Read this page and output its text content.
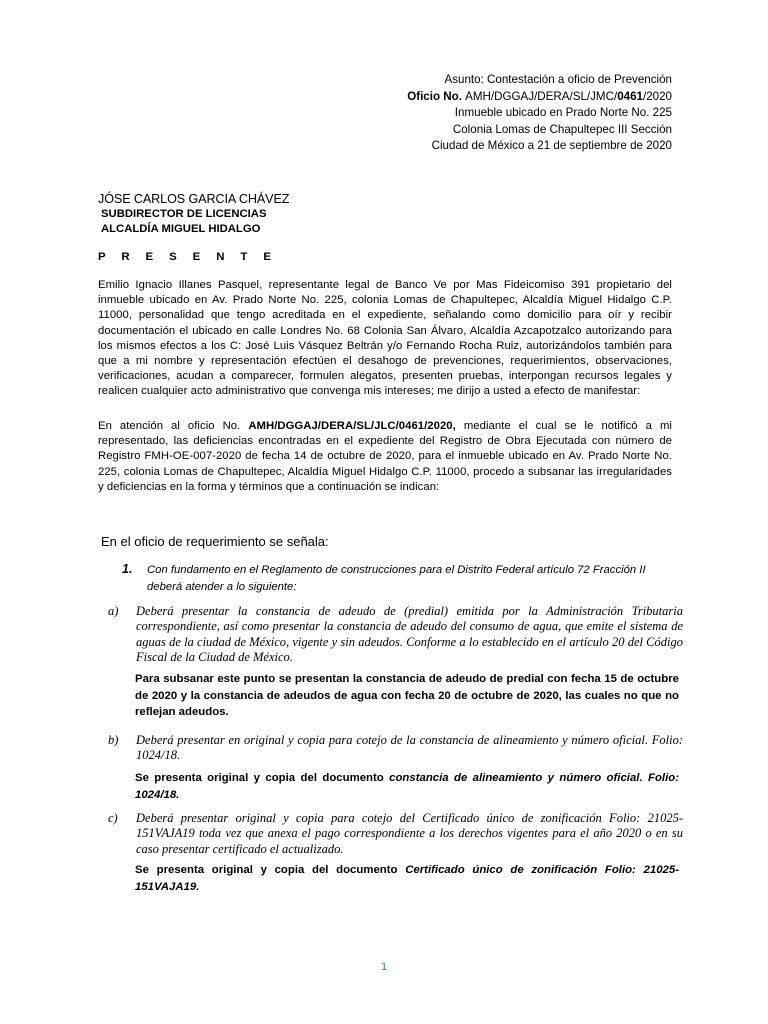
Asunto: Contestación a oficio de Prevención
Oficio No. AMH/DGGAJ/DERA/SL/JMC/0461/2020
Inmueble ubicado en Prado Norte No. 225
Colonia Lomas de Chapultepec III Sección
Ciudad de México a 21 de septiembre de 2020
JÓSE CARLOS GARCIA CHÁVEZ
SUBDIRECTOR DE LICENCIAS
ALCALDÍA MIGUEL HIDALGO
P R E S E N T E
Emilio Ignacio Illanes Pasquel, representante legal de Banco Ve por Mas Fideicomiso 391 propietario del inmueble ubicado en Av. Prado Norte No. 225, colonia Lomas de Chapultepec, Alcaldía Miguel Hidalgo C.P. 11000, personalidad que tengo acreditada en el expediente, señalando como domicilio para oír y recibir documentación el ubicado en calle Londres No. 68 Colonia San Álvaro, Alcaldía Azcapotzalco autorizando para los mismos efectos a los C: José Luis Vásquez Beltrán y/o Fernando Rocha Ruiz, autorizándolos también para que a mi nombre y representación efectúen el desahogo de prevenciones, requerimientos, observaciones, verificaciones, acudan a comparecer, formulen alegatos, presenten pruebas, interpongan recursos legales y realicen cualquier acto administrativo que convenga mis intereses; me dirijo a usted a efecto de manifestar:
En atención al oficio No. AMH/DGGAJ/DERA/SL/JLC/0461/2020, mediante el cual se le notificó a mi representado, las deficiencias encontradas en el expediente del Registro de Obra Ejecutada con número de Registro FMH-OE-007-2020 de fecha 14 de octubre de 2020, para el inmueble ubicado en Av. Prado Norte No. 225, colonia Lomas de Chapultepec, Alcaldía Miguel Hidalgo C.P. 11000, procedo a subsanar las irregularidades y deficiencias en la forma y términos que a continuación se indican:
En el oficio de requerimiento se señala:
1. Con fundamento en el Reglamento de construcciones para el Distrito Federal artículo 72 Fracción II deberá atender a lo siguiente:
a) Deberá presentar la constancia de adeudo de (predial) emitida por la Administración Tributaria correspondiente, así como presentar la constancia de adeudo del consumo de agua, que emite el sistema de aguas de la ciudad de México, vigente y sin adeudos. Conforme a lo establecido en el artículo 20 del Código Fiscal de la Ciudad de México.
Para subsanar este punto se presentan la constancia de adeudo de predial con fecha 15 de octubre de 2020 y la constancia de adeudos de agua con fecha 20 de octubre de 2020, las cuales no que no reflejan adeudos.
b) Deberá presentar en original y copia para cotejo de la constancia de alineamiento y número oficial. Folio: 1024/18.
Se presenta original y copia del documento constancia de alineamiento y número oficial. Folio: 1024/18.
c) Deberá presentar original y copia para cotejo del Certificado único de zonificación Folio: 21025-151VAJA19 toda vez que anexa el pago correspondiente a los derechos vigentes para el año 2020 o en su caso presentar certificado el actualizado.
Se presenta original y copia del documento Certificado único de zonificación Folio: 21025-151VAJA19.
1
